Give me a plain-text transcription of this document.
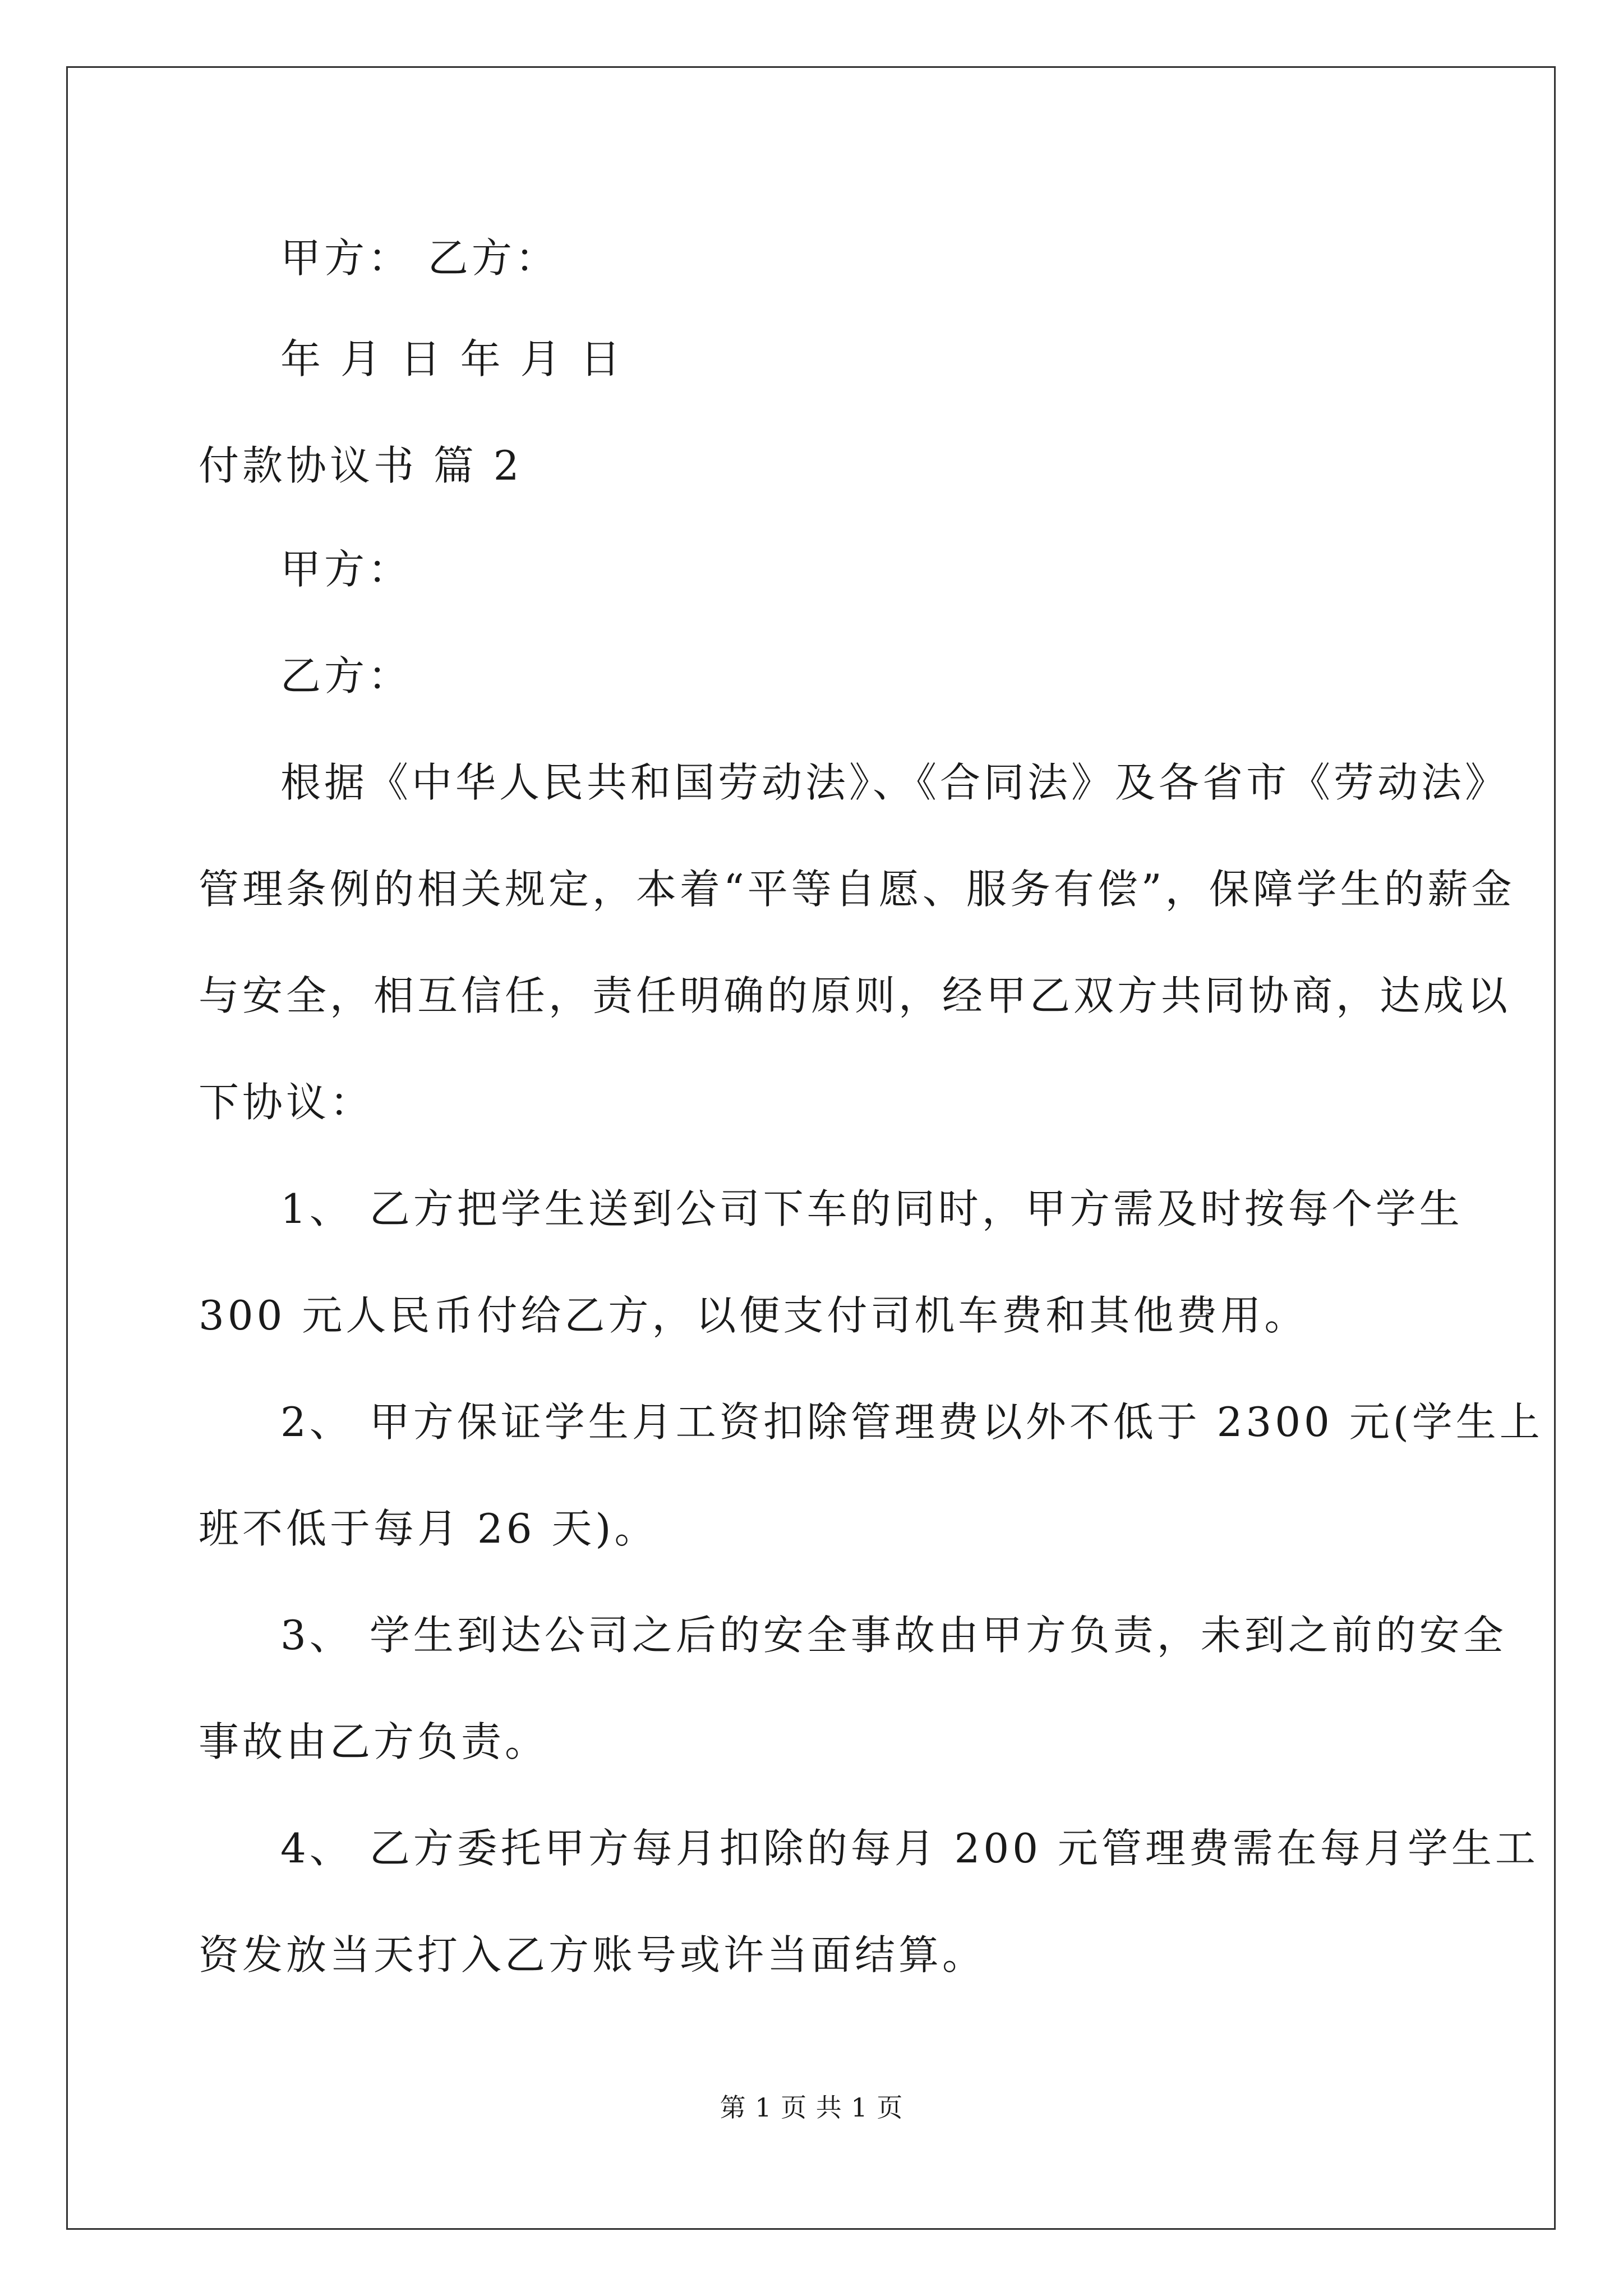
甲方： 乙方：
年 月 日 年 月 日
付款协议书 篇 2
甲方：
乙方：
根据《中华人民共和国劳动法》、《合同法》及各省市《劳动法》
管理条例的相关规定，本着“平等自愿、服务有偿”，保障学生的薪金
与安全，相互信任，责任明确的原则，经甲乙双方共同协商，达成以
下协议：
1、 乙方把学生送到公司下车的同时，甲方需及时按每个学生
300 元人民币付给乙方，以便支付司机车费和其他费用。
2、 甲方保证学生月工资扣除管理费以外不低于 2300 元(学生上
班不低于每月 26 天)。
3、 学生到达公司之后的安全事故由甲方负责，未到之前的安全
事故由乙方负责。
4、 乙方委托甲方每月扣除的每月 200 元管理费需在每月学生工
资发放当天打入乙方账号或许当面结算。
第 1 页 共 1 页
